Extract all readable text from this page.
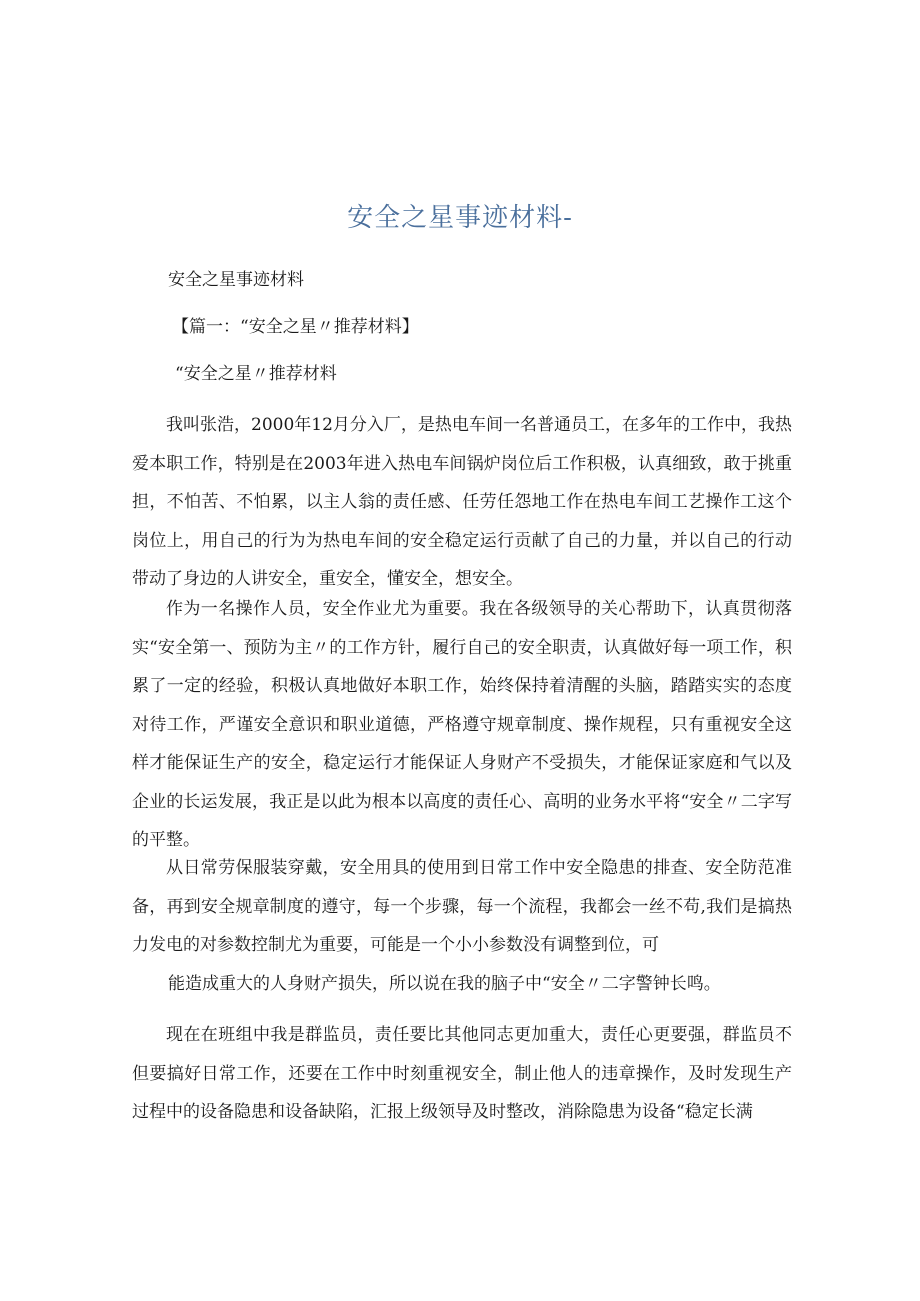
安全之星事迹材料-
安全之星事迹材料
【篇一：“安全之星〃推荐材料】
“安全之星〃推荐材料
我叫张浩，2000年12月分入厂，是热电车间一名普通员工，在多年的工作中，我热爱本职工作，特别是在2003年进入热电车间锅炉岗位后工作积极，认真细致，敢于挑重担，不怕苦、不怕累，以主人翁的责任感、任劳任怨地工作在热电车间工艺操作工这个岗位上，用自己的行为为热电车间的安全稳定运行贡献了自己的力量，并以自己的行动带动了身边的人讲安全，重安全，懂安全，想安全。
作为一名操作人员，安全作业尤为重要。我在各级领导的关心帮助下，认真贯彻落实“安全第一、预防为主〃的工作方针，履行自己的安全职责，认真做好每一项工作，积累了一定的经验，积极认真地做好本职工作，始终保持着清醒的头脑，踏踏实实的态度对待工作，严谨安全意识和职业道德，严格遵守规章制度、操作规程，只有重视安全这样才能保证生产的安全，稳定运行才能保证人身财产不受损失，才能保证家庭和气以及企业的长运发展，我正是以此为根本以高度的责任心、高明的业务水平将“安全〃二字写的平整。
从日常劳保服装穿戴，安全用具的使用到日常工作中安全隐患的排查、安全防范准备，再到安全规章制度的遵守，每一个步骤，每一个流程，我都会一丝不苟,我们是搞热力发电的对参数控制尤为重要，可能是一个小小参数没有调整到位，可
能造成重大的人身财产损失，所以说在我的脑子中“安全〃二字警钟长鸣。
现在在班组中我是群监员，责任要比其他同志更加重大，责任心更要强，群监员不但要搞好日常工作，还要在工作中时刻重视安全，制止他人的违章操作，及时发现生产过程中的设备隐患和设备缺陷，汇报上级领导及时整改，消除隐患为设备“稳定长满
